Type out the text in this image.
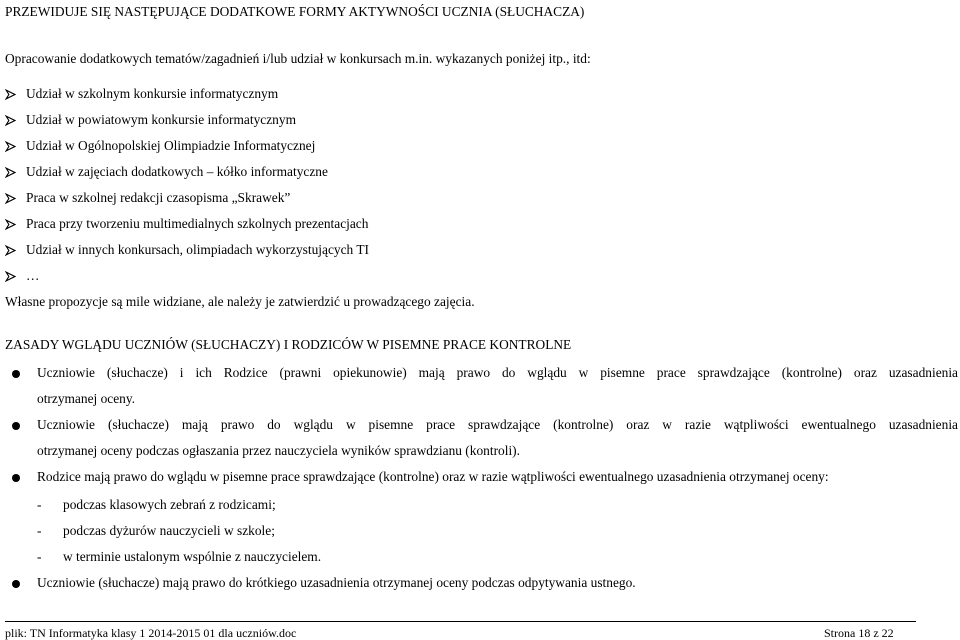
PRZEWIDUJE SIĘ NASTĘPUJĄCE DODATKOWE FORMY AKTYWNOŚCI UCZNIA (SŁUCHACZA)
Opracowanie dodatkowych tematów/zagadnień i/lub udział w konkursach m.in. wykazanych poniżej itp., itd:
Udział w szkolnym konkursie informatycznym
Udział w powiatowym konkursie informatycznym
Udział w Ogólnopolskiej Olimpiadzie Informatycznej
Udział w zajęciach dodatkowych – kółko informatyczne
Praca w szkolnej redakcji czasopisma „Skrawek”
Praca przy tworzeniu multimedialnych szkolnych prezentacjach
Udział w innych konkursach, olimpiadach wykorzystujących TI
…
Własne propozycje są mile widziane, ale należy je zatwierdzić u prowadzącego zajęcia.
ZASADY WGLĄDU UCZNIÓW (SŁUCHACZY) I RODZICÓW W PISEMNE PRACE KONTROLNE
Uczniowie (słuchacze) i ich Rodzice (prawni opiekunowie) mają prawo do wglądu w pisemne prace sprawdzające (kontrolne) oraz uzasadnienia
otrzymanej oceny.
Uczniowie (słuchacze) mają prawo do wglądu w pisemne prace sprawdzające (kontrolne) oraz w razie wątpliwości ewentualnego uzasadnienia
otrzymanej oceny podczas ogłaszania przez nauczyciela wyników sprawdzianu (kontroli).
Rodzice mają prawo do wglądu w pisemne prace sprawdzające (kontrolne) oraz w razie wątpliwości ewentualnego uzasadnienia otrzymanej oceny:
- podczas klasowych zebrań z rodzicami;
- podczas dyżurów nauczycieli w szkole;
- w terminie ustalonym wspólnie z nauczycielem.
Uczniowie (słuchacze) mają prawo do krótkiego uzasadnienia otrzymanej oceny podczas odpytywania ustnego.
plik: TN Informatyka klasy 1 2014-2015 01 dla uczniów.doc	Strona 18 z 22
